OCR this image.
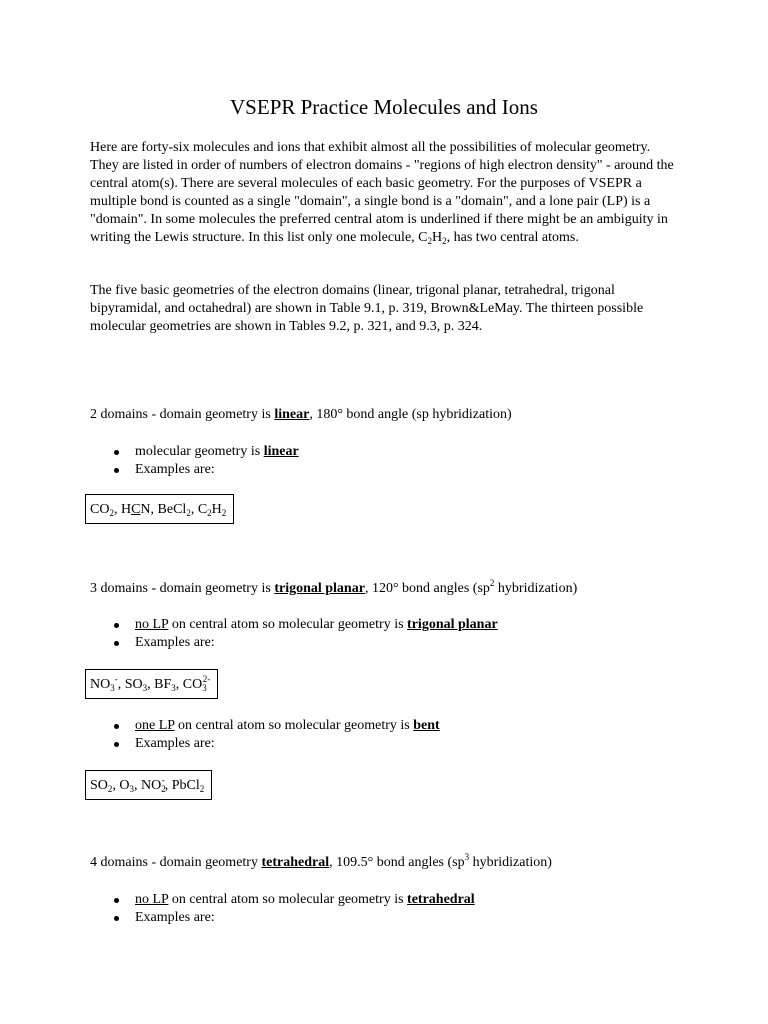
VSEPR Practice Molecules and Ions
Here are forty-six molecules and ions that exhibit almost all the possibilities of molecular geometry. They are listed in order of numbers of electron domains - "regions of high electron density" - around the central atom(s). There are several molecules of each basic geometry. For the purposes of VSEPR a multiple bond is counted as a single "domain", a single bond is a "domain", and a lone pair (LP) is a "domain". In some molecules the preferred central atom is underlined if there might be an ambiguity in writing the Lewis structure. In this list only one molecule, $C_2H_2$, has two central atoms.
The five basic geometries of the electron domains (linear, trigonal planar, tetrahedral, trigonal bipyramidal, and octahedral) are shown in Table 9.1, p. 319, Brown&LeMay. The thirteen possible molecular geometries are shown in Tables 9.2, p. 321, and 9.3, p. 324.
2 domains - domain geometry is linear, 180° bond angle (sp hybridization)
molecular geometry is linear
Examples are:
$CO_2$, HCN, BeCl$_2$, $C_2H_2$
3 domains - domain geometry is trigonal planar, 120° bond angles ($sp^2$ hybridization)
no LP on central atom so molecular geometry is trigonal planar
Examples are:
$NO_3^-$, $SO_3$, $BF_3$, $CO_3^{2-}$
one LP on central atom so molecular geometry is bent
Examples are:
$SO_2$, $O_3$, $NO_2^-$, PbCl$_2$
4 domains - domain geometry tetrahedral, 109.5° bond angles ($sp^3$ hybridization)
no LP on central atom so molecular geometry is tetrahedral
Examples are:
